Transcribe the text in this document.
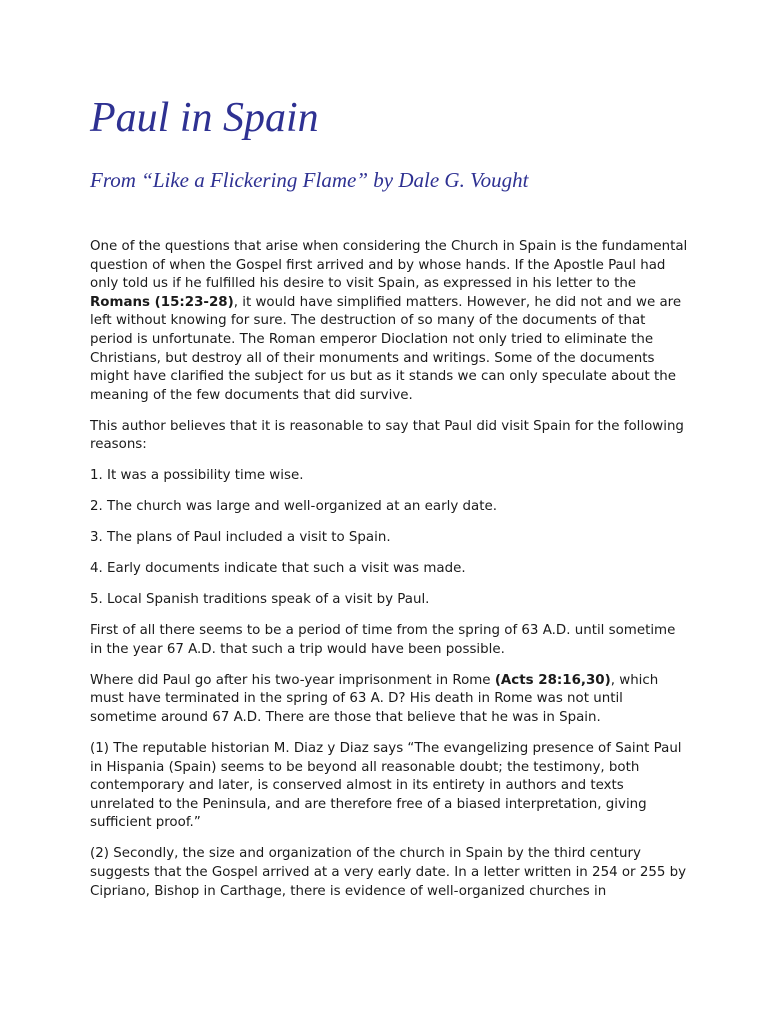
Paul in Spain
From “Like a Flickering Flame” by Dale G. Vought

One of the questions that arise when considering the Church in Spain is the fundamental question of when the Gospel first arrived and by whose hands. If the Apostle Paul had only told us if he fulfilled his desire to visit Spain, as expressed in his letter to the Romans (15:23-28), it would have simplified matters. However, he did not and we are left without knowing for sure. The destruction of so many of the documents of that period is unfortunate. The Roman emperor Dioclation not only tried to eliminate the Christians, but destroy all of their monuments and writings. Some of the documents might have clarified the subject for us but as it stands we can only speculate about the meaning of the few documents that did survive.

This author believes that it is reasonable to say that Paul did visit Spain for the following reasons:

1. It was a possibility time wise.

2. The church was large and well-organized at an early date.

3. The plans of Paul included a visit to Spain.

4. Early documents indicate that such a visit was made.

5. Local Spanish traditions speak of a visit by Paul.

First of all there seems to be a period of time from the spring of 63 A.D. until sometime in the year 67 A.D. that such a trip would have been possible.

Where did Paul go after his two-year imprisonment in Rome (Acts 28:16,30), which must have terminated in the spring of 63 A. D? His death in Rome was not until sometime around 67 A.D. There are those that believe that he was in Spain.

(1) The reputable historian M. Diaz y Diaz says “The evangelizing presence of Saint Paul in Hispania (Spain) seems to be beyond all reasonable doubt; the testimony, both contemporary and later, is conserved almost in its entirety in authors and texts unrelated to the Peninsula, and are therefore free of a biased interpretation, giving sufficient proof.”

(2) Secondly, the size and organization of the church in Spain by the third century suggests that the Gospel arrived at a very early date. In a letter written in 254 or 255 by Cipriano, Bishop in Carthage, there is evidence of well-organized churches in
